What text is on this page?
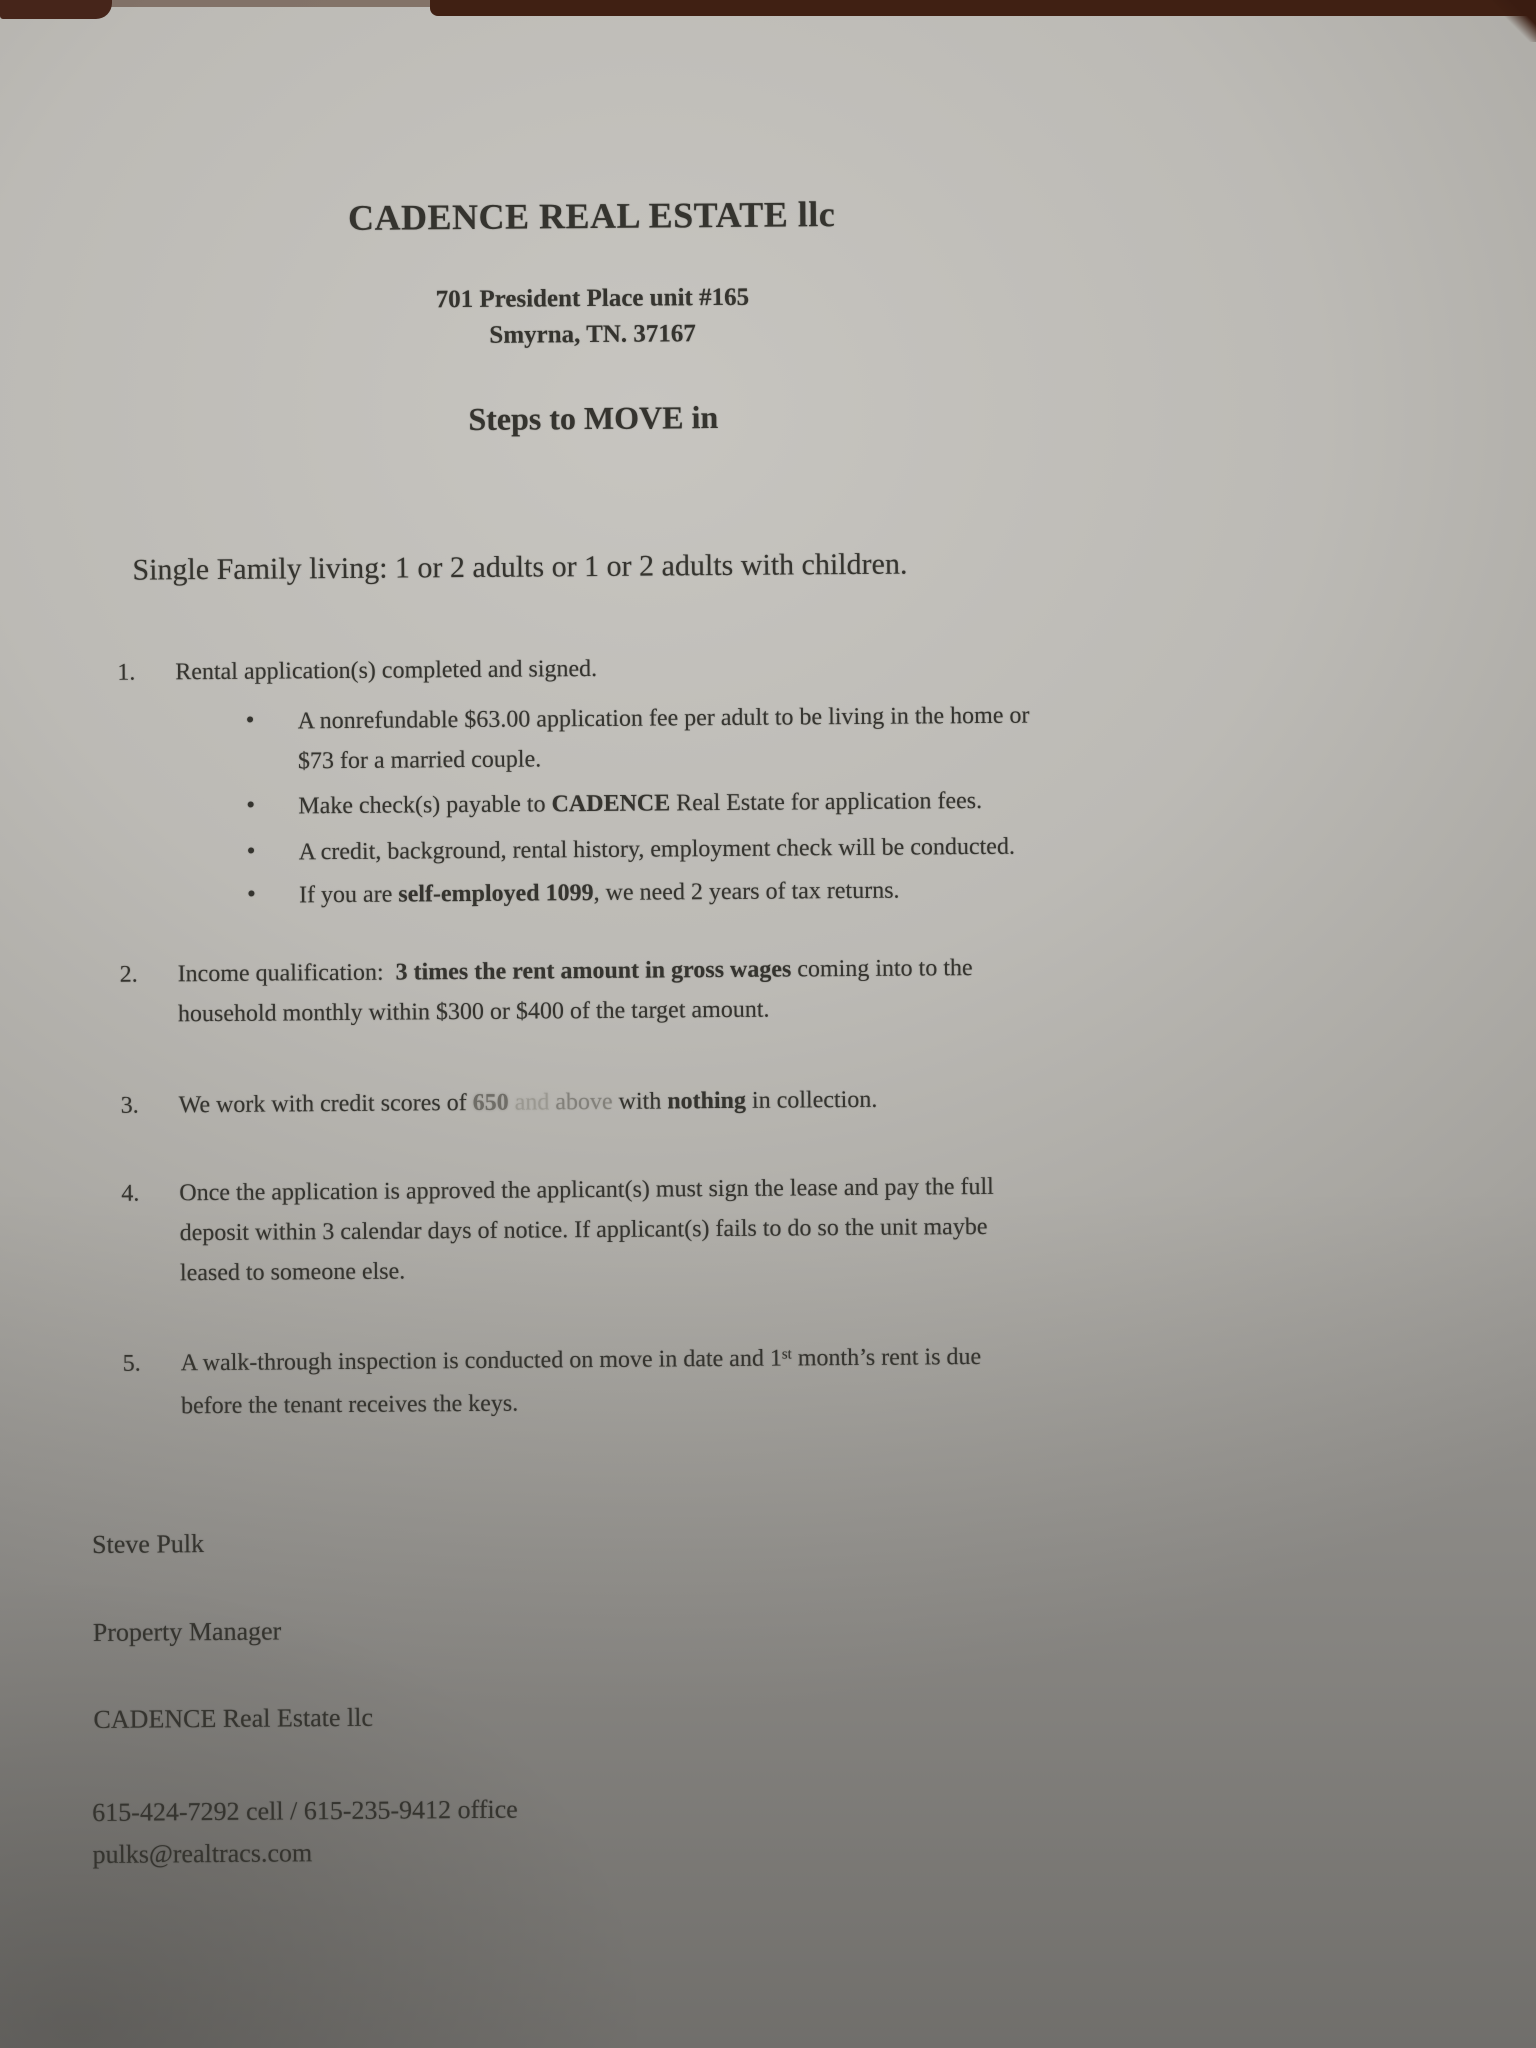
CADENCE REAL ESTATE llc
701 President Place unit #165
Smyrna, TN. 37167
Steps to MOVE in
Single Family living: 1 or 2 adults or 1 or 2 adults with children.
1. Rental application(s) completed and signed.
• A nonrefundable $63.00 application fee per adult to be living in the home or
$73 for a married couple.
• Make check(s) payable to CADENCE Real Estate for application fees.
• A credit, background, rental history, employment check will be conducted.
• If you are self-employed 1099, we need 2 years of tax returns.
2. Income qualification:  3 times the rent amount in gross wages coming into to the
household monthly within $300 or $400 of the target amount.
3. We work with credit scores of 650 and above with nothing in collection.
4. Once the application is approved the applicant(s) must sign the lease and pay the full
deposit within 3 calendar days of notice. If applicant(s) fails to do so the unit maybe
leased to someone else.
5. A walk-through inspection is conducted on move in date and 1st month’s rent is due
before the tenant receives the keys.
Steve Pulk
Property Manager
CADENCE Real Estate llc
615-424-7292 cell / 615-235-9412 office
pulks@realtracs.com
